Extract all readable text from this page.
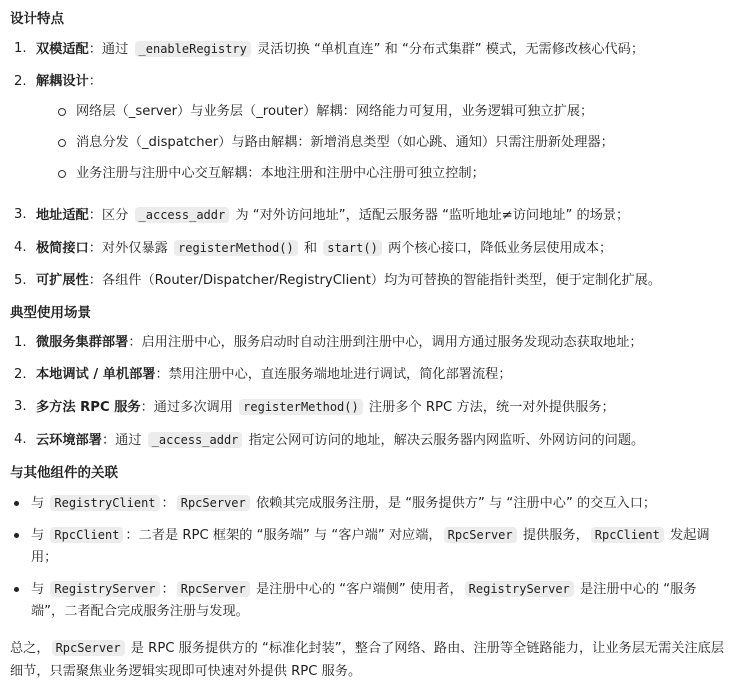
设计特点
1. 双模适配：通过 _enableRegistry 灵活切换 “单机直连” 和 “分布式集群” 模式，无需修改核心代码；
2. 解耦设计：
网络层（_server）与业务层（_router）解耦：网络能力可复用，业务逻辑可独立扩展；
消息分发（_dispatcher）与路由解耦：新增消息类型（如心跳、通知）只需注册新处理器；
业务注册与注册中心交互解耦：本地注册和注册中心注册可独立控制；
3. 地址适配：区分 _access_addr 为 “对外访问地址”，适配云服务器 “监听地址≠访问地址” 的场景；
4. 极简接口：对外仅暴露 registerMethod() 和 start() 两个核心接口，降低业务层使用成本；
5. 可扩展性：各组件（Router/Dispatcher/RegistryClient）均为可替换的智能指针类型，便于定制化扩展。
典型使用场景
1. 微服务集群部署：启用注册中心，服务启动时自动注册到注册中心，调用方通过服务发现动态获取地址；
2. 本地调试 / 单机部署：禁用注册中心，直连服务端地址进行调试，简化部署流程；
3. 多方法 RPC 服务：通过多次调用 registerMethod() 注册多个 RPC 方法，统一对外提供服务；
4. 云环境部署：通过 _access_addr 指定公网可访问的地址，解决云服务器内网监听、外网访问的问题。
与其他组件的关联
与 RegistryClient ： RpcServer 依赖其完成服务注册，是 “服务提供方” 与 “注册中心” 的交互入口；
与 RpcClient ：二者是 RPC 框架的 “服务端” 与 “客户端” 对应端， RpcServer 提供服务， RpcClient 发起调用；
与 RegistryServer ： RpcServer 是注册中心的 “客户端侧” 使用者， RegistryServer 是注册中心的 “服务端”，二者配合完成服务注册与发现。

总之， RpcServer 是 RPC 服务提供方的 “标准化封装”，整合了网络、路由、注册等全链路能力，让业务层无需关注底层细节，只需聚焦业务逻辑实现即可快速对外提供 RPC 服务。
